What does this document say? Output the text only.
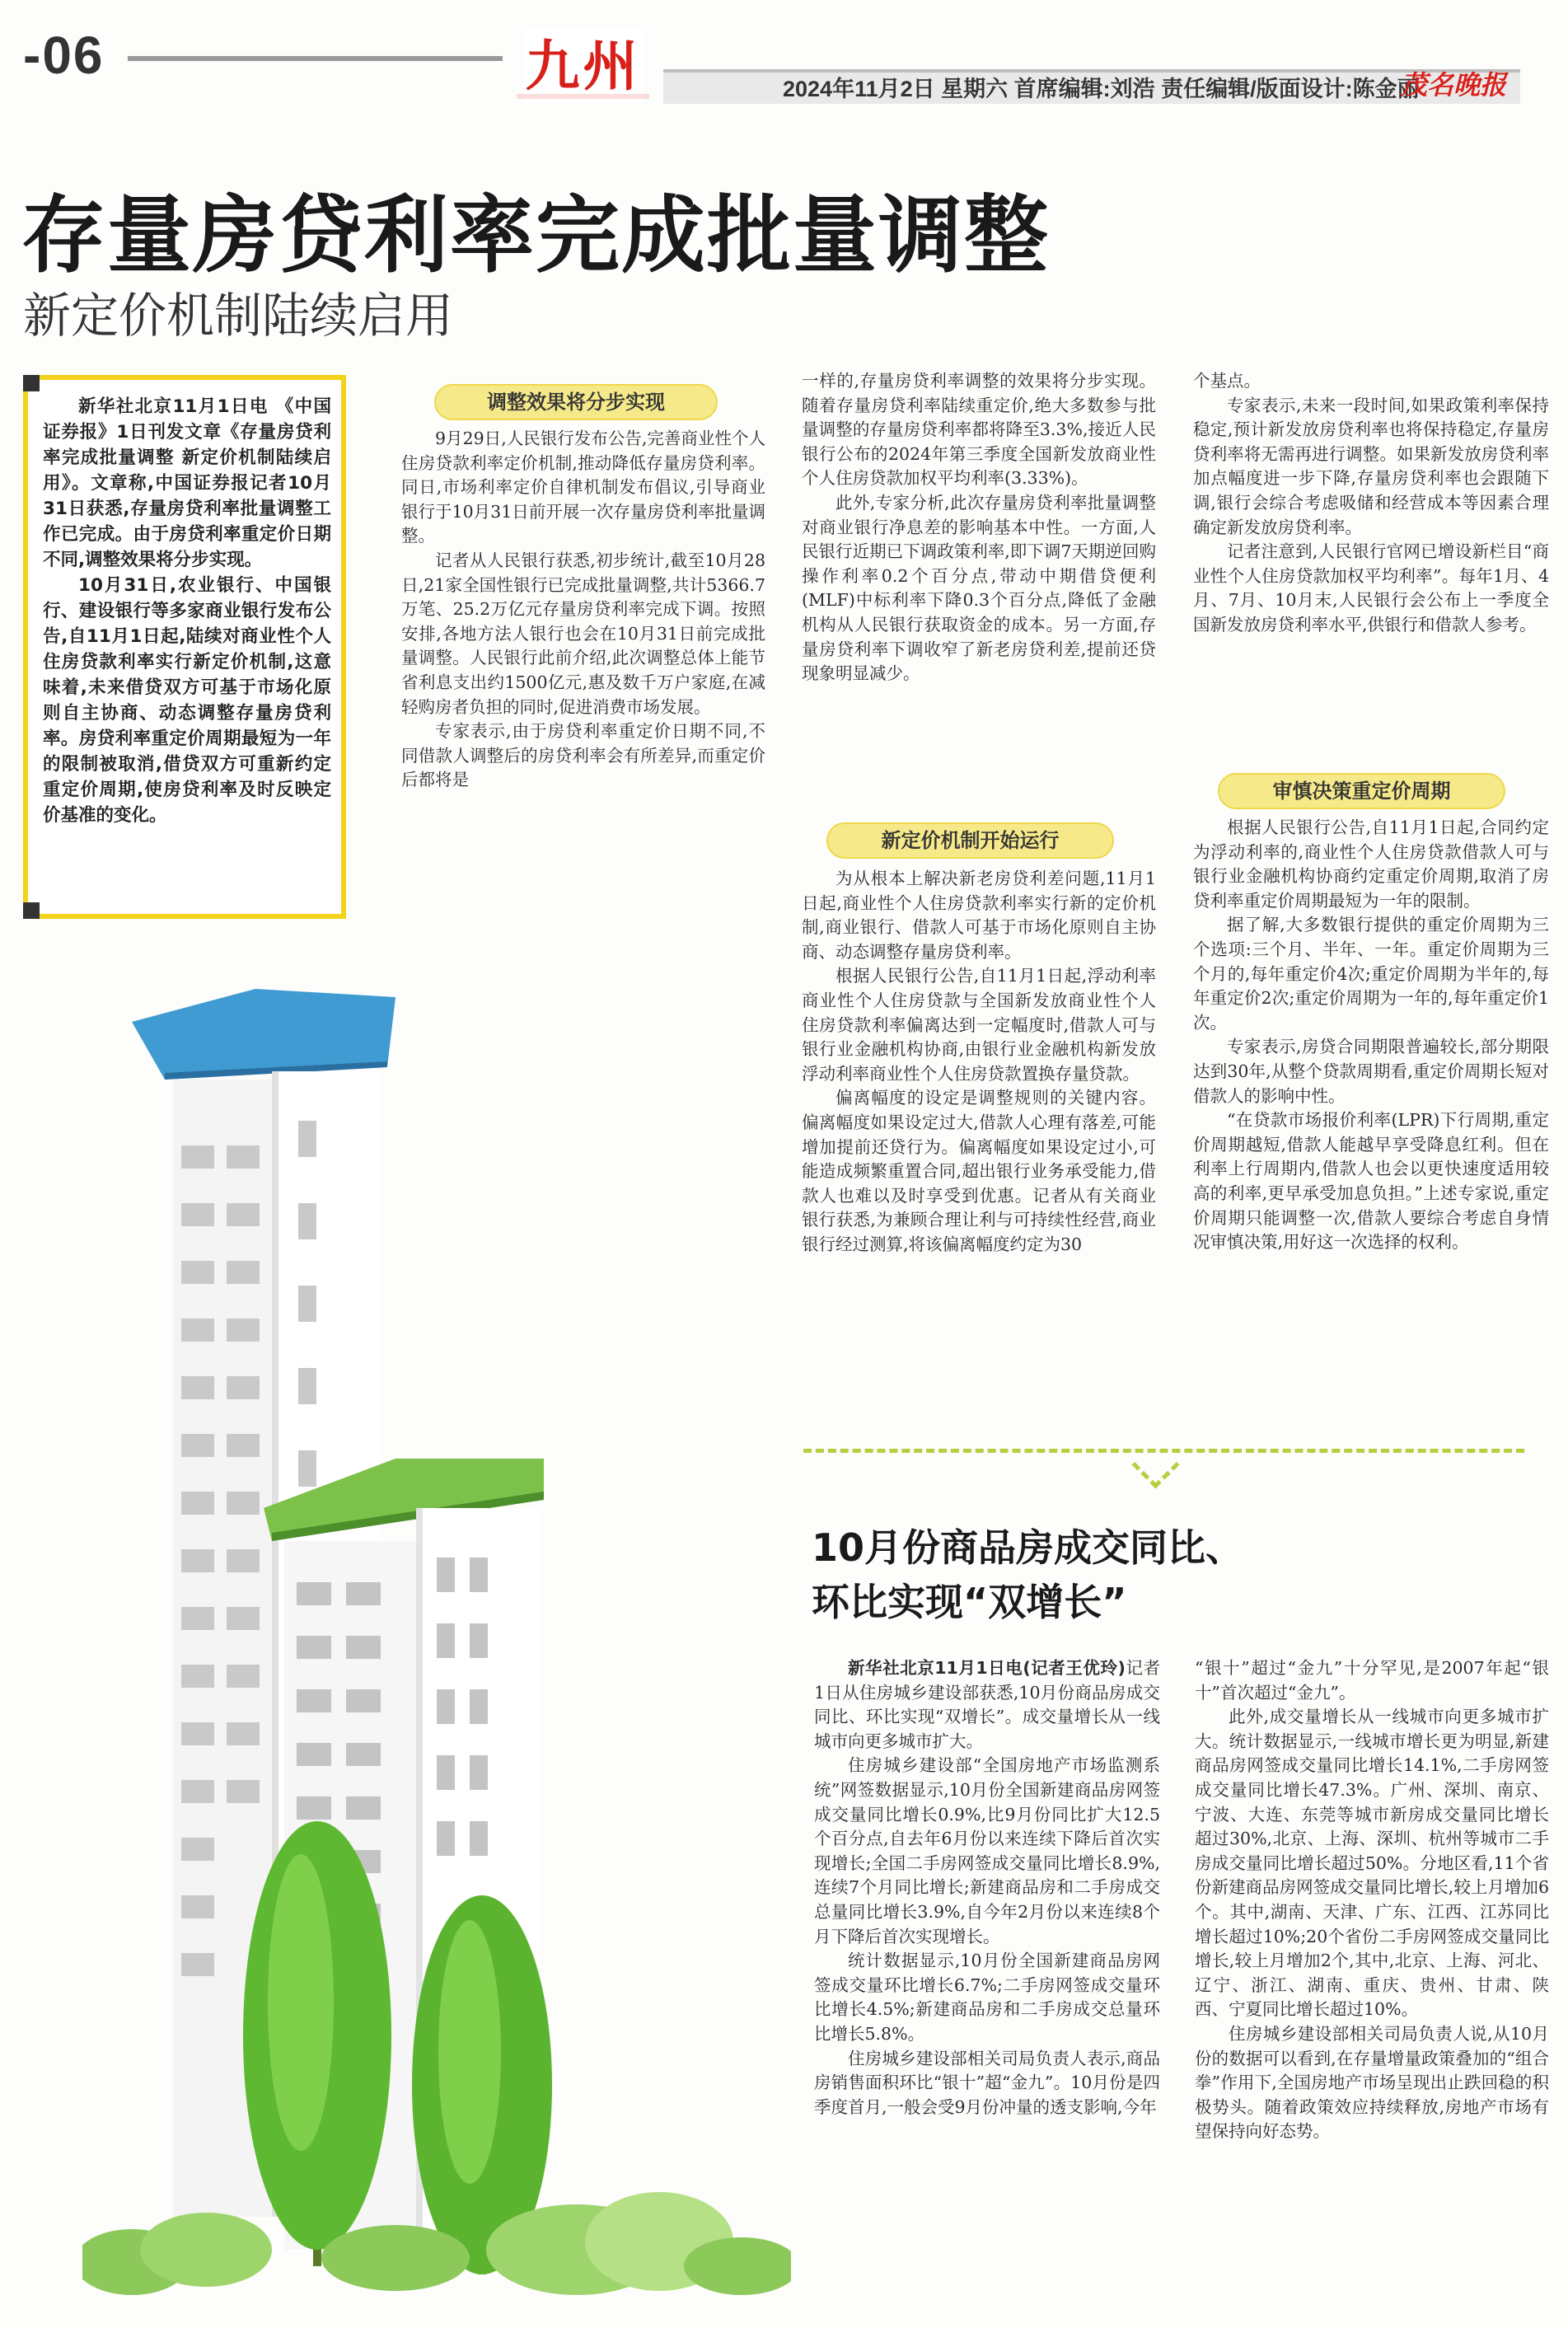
-06	九州	2024年11月2日 星期六 首席编辑:刘浩 责任编辑/版面设计:陈金丽
茂名晚报
存量房贷利率完成批量调整
新定价机制陆续启用

新华社北京11月1日电 《中国证券报》1日刊发文章《存量房贷利率完成批量调整 新定价机制陆续启用》。文章称,中国证券报记者10月31日获悉,存量房贷利率批量调整工作已完成。由于房贷利率重定价日期不同,调整效果将分步实现。

10月31日,农业银行、中国银行、建设银行等多家商业银行发布公告,自11月1日起,陆续对商业性个人住房贷款利率实行新定价机制,这意味着,未来借贷双方可基于市场化原则自主协商、动态调整存量房贷利率。房贷利率重定价周期最短为一年的限制被取消,借贷双方可重新约定重定价周期,使房贷利率及时反映定价基准的变化。

调整效果将分步实现

9月29日,人民银行发布公告,完善商业性个人住房贷款利率定价机制,推动降低存量房贷利率。同日,市场利率定价自律机制发布倡议,引导商业银行于10月31日前开展一次存量房贷利率批量调整。

记者从人民银行获悉,初步统计,截至10月28日,21家全国性银行已完成批量调整,共计5366.7万笔、25.2万亿元存量房贷利率完成下调。按照安排,各地方法人银行也会在10月31日前完成批量调整。人民银行此前介绍,此次调整总体上能节省利息支出约1500亿元,惠及数千万户家庭,在减轻购房者负担的同时,促进消费市场发展。

专家表示,由于房贷利率重定价日期不同,不同借款人调整后的房贷利率会有所差异,而重定价后都将是

一样的,存量房贷利率调整的效果将分步实现。随着存量房贷利率陆续重定价,绝大多数参与批量调整的存量房贷利率都将降至3.3%,接近人民银行公布的2024年第三季度全国新发放商业性个人住房贷款加权平均利率(3.33%)。

此外,专家分析,此次存量房贷利率批量调整对商业银行净息差的影响基本中性。一方面,人民银行近期已下调政策利率,即下调7天期逆回购操作利率0.2个百分点,带动中期借贷便利(MLF)中标利率下降0.3个百分点,降低了金融机构从人民银行获取资金的成本。另一方面,存量房贷利率下调收窄了新老房贷利差,提前还贷现象明显减少。

新定价机制开始运行

为从根本上解决新老房贷利差问题,11月1日起,商业性个人住房贷款利率实行新的定价机制,商业银行、借款人可基于市场化原则自主协商、动态调整存量房贷利率。

根据人民银行公告,自11月1日起,浮动利率商业性个人住房贷款与全国新发放商业性个人住房贷款利率偏离达到一定幅度时,借款人可与银行业金融机构协商,由银行业金融机构新发放浮动利率商业性个人住房贷款置换存量贷款。

偏离幅度的设定是调整规则的关键内容。偏离幅度如果设定过大,借款人心理有落差,可能增加提前还贷行为。偏离幅度如果设定过小,可能造成频繁重置合同,超出银行业务承受能力,借款人也难以及时享受到优惠。记者从有关商业银行获悉,为兼顾合理让利与可持续性经营,商业银行经过测算,将该偏离幅度约定为30

个基点。

专家表示,未来一段时间,如果政策利率保持稳定,预计新发放房贷利率也将保持稳定,存量房贷利率将无需再进行调整。如果新发放房贷利率加点幅度进一步下降,存量房贷利率也会跟随下调,银行会综合考虑吸储和经营成本等因素合理确定新发放房贷利率。

记者注意到,人民银行官网已增设新栏目“商业性个人住房贷款加权平均利率”。每年1月、4月、7月、10月末,人民银行会公布上一季度全国新发放房贷利率水平,供银行和借款人参考。

审慎决策重定价周期

根据人民银行公告,自11月1日起,合同约定为浮动利率的,商业性个人住房贷款借款人可与银行业金融机构协商约定重定价周期,取消了房贷利率重定价周期最短为一年的限制。

据了解,大多数银行提供的重定价周期为三个选项:三个月、半年、一年。重定价周期为三个月的,每年重定价4次;重定价周期为半年的,每年重定价2次;重定价周期为一年的,每年重定价1次。

专家表示,房贷合同期限普遍较长,部分期限达到30年,从整个贷款周期看,重定价周期长短对借款人的影响中性。

“在贷款市场报价利率(LPR)下行周期,重定价周期越短,借款人能越早享受降息红利。但在利率上行周期内,借款人也会以更快速度适用较高的利率,更早承受加息负担。”上述专家说,重定价周期只能调整一次,借款人要综合考虑自身情况审慎决策,用好这一次选择的权利。

10月份商品房成交同比、
环比实现“双增长”

新华社北京11月1日电(记者王优玲)记者1日从住房城乡建设部获悉,10月份商品房成交同比、环比实现“双增长”。成交量增长从一线城市向更多城市扩大。

住房城乡建设部“全国房地产市场监测系统”网签数据显示,10月份全国新建商品房网签成交量同比增长0.9%,比9月份同比扩大12.5个百分点,自去年6月份以来连续下降后首次实现增长;全国二手房网签成交量同比增长8.9%,连续7个月同比增长;新建商品房和二手房成交总量同比增长3.9%,自今年2月份以来连续8个月下降后首次实现增长。

统计数据显示,10月份全国新建商品房网签成交量环比增长6.7%;二手房网签成交量环比增长4.5%;新建商品房和二手房成交总量环比增长5.8%。

住房城乡建设部相关司局负责人表示,商品房销售面积环比“银十”超“金九”。10月份是四季度首月,一般会受9月份冲量的透支影响,今年

“银十”超过“金九”十分罕见,是2007年起“银十”首次超过“金九”。

此外,成交量增长从一线城市向更多城市扩大。统计数据显示,一线城市增长更为明显,新建商品房网签成交量同比增长14.1%,二手房网签成交量同比增长47.3%。广州、深圳、南京、宁波、大连、东莞等城市新房成交量同比增长超过30%,北京、上海、深圳、杭州等城市二手房成交量同比增长超过50%。分地区看,11个省份新建商品房网签成交量同比增长,较上月增加6个。其中,湖南、天津、广东、江西、江苏同比增长超过10%;20个省份二手房网签成交量同比增长,较上月增加2个,其中,北京、上海、河北、辽宁、浙江、湖南、重庆、贵州、甘肃、陕西、宁夏同比增长超过10%。

住房城乡建设部相关司局负责人说,从10月份的数据可以看到,在存量增量政策叠加的“组合拳”作用下,全国房地产市场呈现出止跌回稳的积极势头。随着政策效应持续释放,房地产市场有望保持向好态势。
